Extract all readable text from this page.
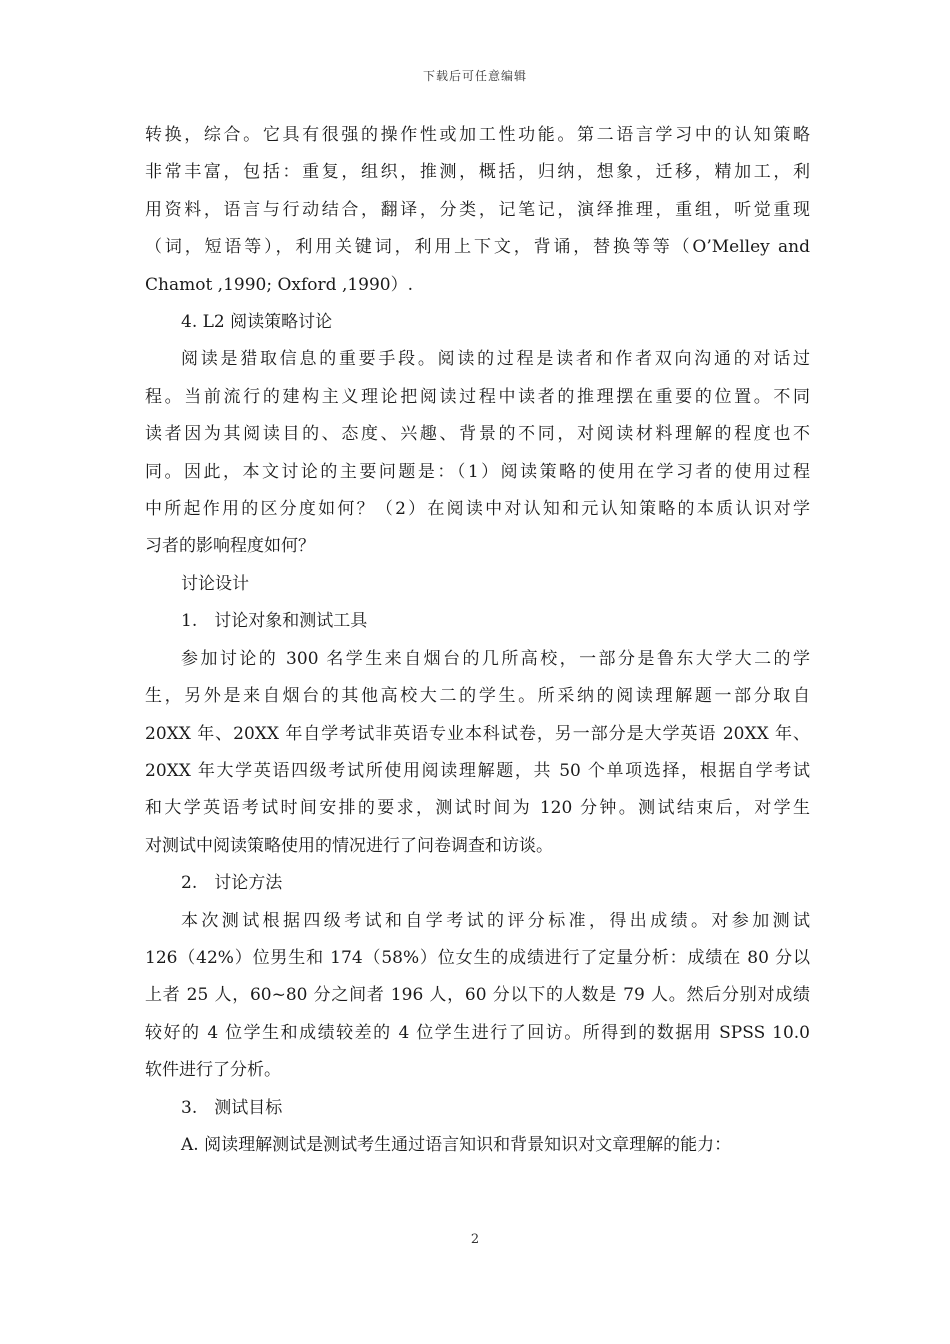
下载后可任意编辑
转换，综合。它具有很强的操作性或加工性功能。第二语言学习中的认知策略
非常丰富，包括：重复，组织，推测，概括，归纳，想象，迁移，精加工，利
用资料，语言与行动结合，翻译，分类，记笔记，演绎推理，重组，听觉重现
（词，短语等），利用关键词，利用上下文，背诵，替换等等（O’Melley and
Chamot ,1990; Oxford ,1990）.
4. L2 阅读策略讨论
阅读是猎取信息的重要手段。阅读的过程是读者和作者双向沟通的对话过
程。当前流行的建构主义理论把阅读过程中读者的推理摆在重要的位置。不同
读者因为其阅读目的、态度、兴趣、背景的不同，对阅读材料理解的程度也不
同。因此，本文讨论的主要问题是：（1）阅读策略的使用在学习者的使用过程
中所起作用的区分度如何？（2）在阅读中对认知和元认知策略的本质认识对学
习者的影响程度如何？
讨论设计
1.　讨论对象和测试工具
参加讨论的 300 名学生来自烟台的几所高校，一部分是鲁东大学大二的学
生，另外是来自烟台的其他高校大二的学生。所采纳的阅读理解题一部分取自
20XX 年、20XX 年自学考试非英语专业本科试卷，另一部分是大学英语 20XX 年、
20XX 年大学英语四级考试所使用阅读理解题，共 50 个单项选择，根据自学考试
和大学英语考试时间安排的要求，测试时间为 120 分钟。测试结束后，对学生
对测试中阅读策略使用的情况进行了问卷调查和访谈。
2.　讨论方法
本次测试根据四级考试和自学考试的评分标准，得出成绩。对参加测试
126（42%）位男生和 174（58%）位女生的成绩进行了定量分析：成绩在 80 分以
上者 25 人，60~80 分之间者 196 人，60 分以下的人数是 79 人。然后分别对成绩
较好的 4 位学生和成绩较差的 4 位学生进行了回访。所得到的数据用 SPSS 10.0
软件进行了分析。
3.　测试目标
A. 阅读理解测试是测试考生通过语言知识和背景知识对文章理解的能力：
2
